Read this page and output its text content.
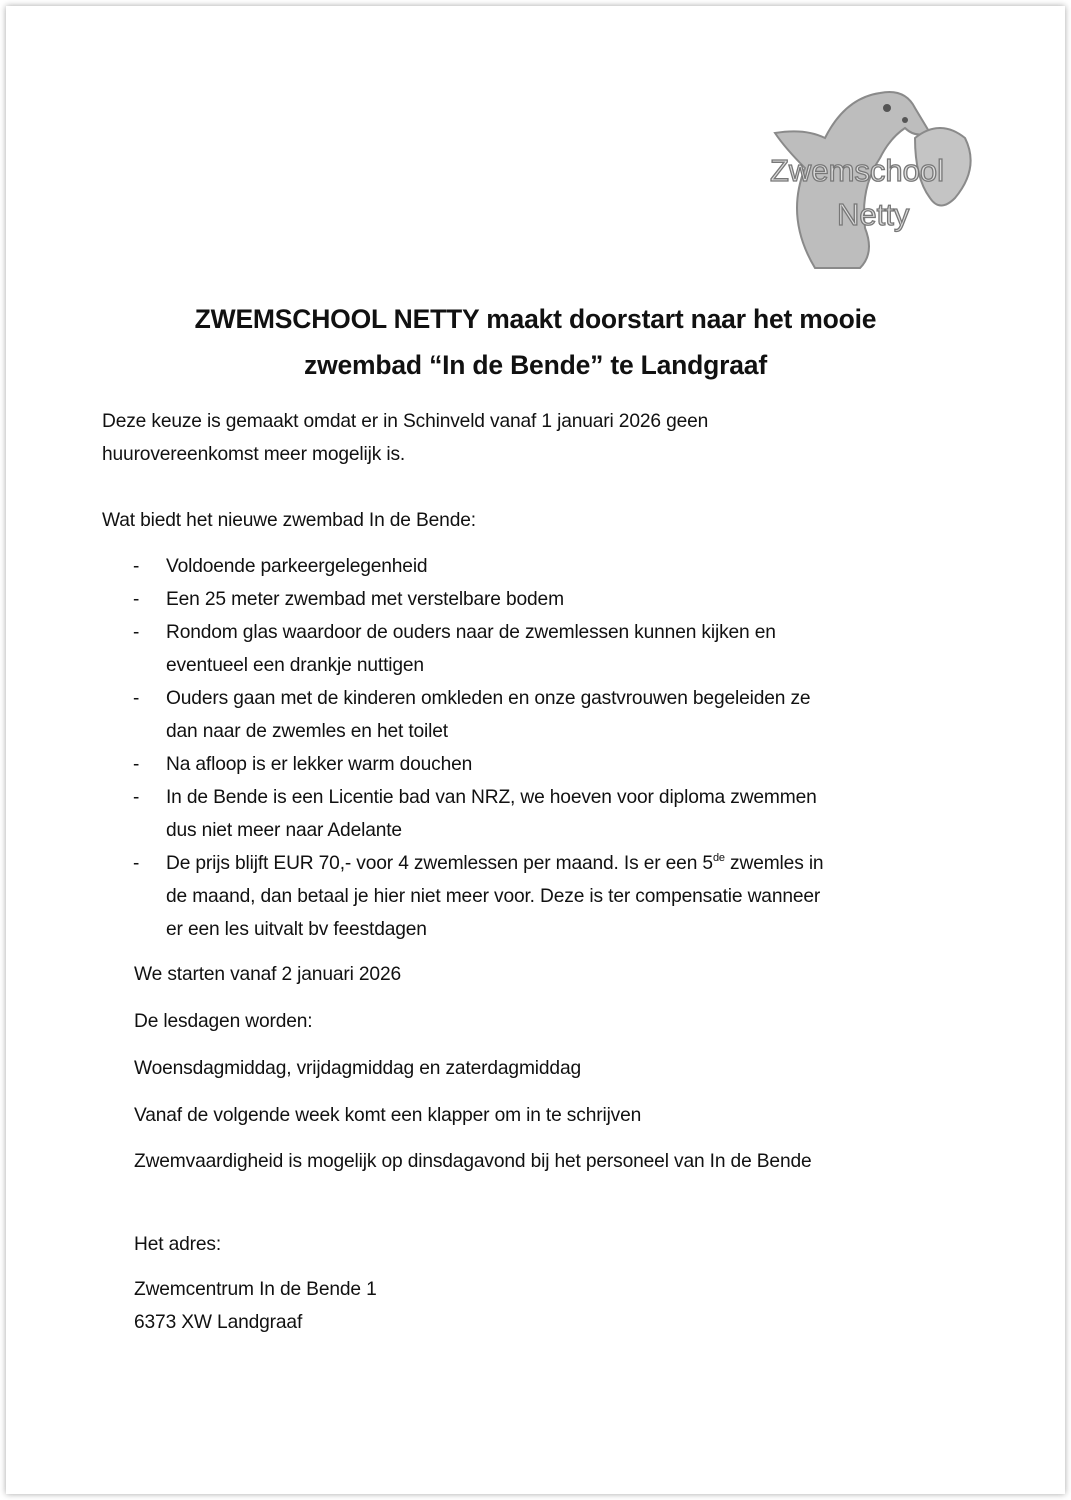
Zwemschool
Netty
ZWEMSCHOOL NETTY maakt doorstart naar het mooie
zwembad “In de Bende” te Landgraaf
Deze keuze is gemaakt omdat er in Schinveld vanaf 1 januari 2026 geen
huurovereenkomst meer mogelijk is.
Wat biedt het nieuwe zwembad In de Bende:
- Voldoende parkeergelegenheid
- Een 25 meter zwembad met verstelbare bodem
- Rondom glas waardoor de ouders naar de zwemlessen kunnen kijken en
eventueel een drankje nuttigen
- Ouders gaan met de kinderen omkleden en onze gastvrouwen begeleiden ze
dan naar de zwemles en het toilet
- Na afloop is er lekker warm douchen
- In de Bende is een Licentie bad van NRZ, we hoeven voor diploma zwemmen
dus niet meer naar Adelante
- De prijs blijft EUR 70,- voor 4 zwemlessen per maand. Is er een 5de zwemles in
de maand, dan betaal je hier niet meer voor. Deze is ter compensatie wanneer
er een les uitvalt bv feestdagen
We starten vanaf 2 januari 2026
De lesdagen worden:
Woensdagmiddag, vrijdagmiddag en zaterdagmiddag
Vanaf de volgende week komt een klapper om in te schrijven
Zwemvaardigheid is mogelijk op dinsdagavond bij het personeel van In de Bende
Het adres:
Zwemcentrum In de Bende 1
6373 XW Landgraaf
